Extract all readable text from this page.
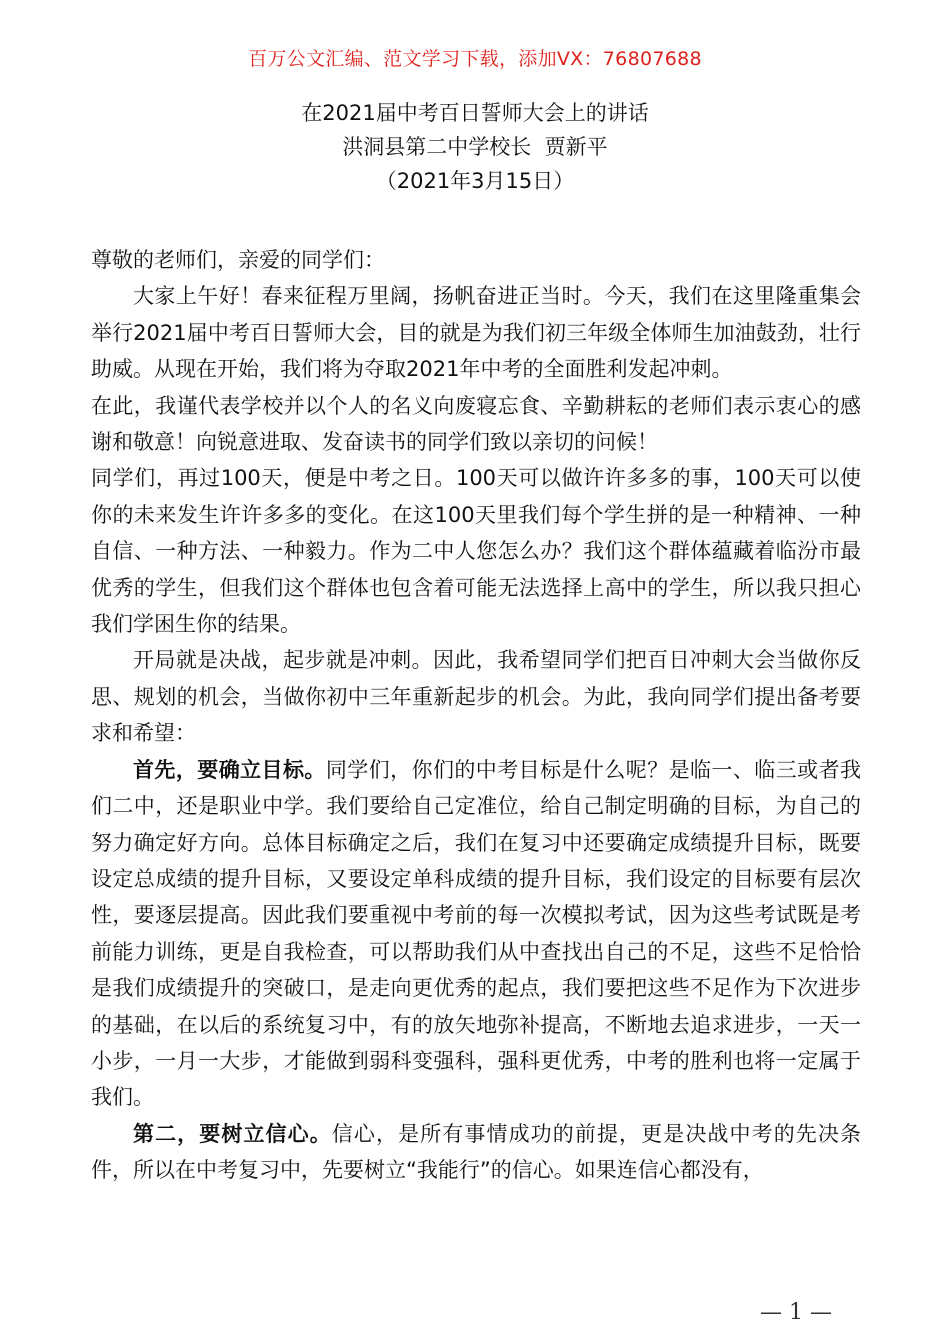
百万公文汇编、范文学习下载，添加VX：76807688
在2021届中考百日誓师大会上的讲话
洪洞县第二中学校长  贾新平
（2021年3月15日）

尊敬的老师们，亲爱的同学们：

大家上午好！春来征程万里阔，扬帆奋进正当时。今天，我们在这里隆重集会举行2021届中考百日誓师大会，目的就是为我们初三年级全体师生加油鼓劲，壮行助威。从现在开始，我们将为夺取2021年中考的全面胜利发起冲刺。

在此，我谨代表学校并以个人的名义向废寝忘食、辛勤耕耘的老师们表示衷心的感谢和敬意！向锐意进取、发奋读书的同学们致以亲切的问候！

同学们，再过100天，便是中考之日。100天可以做许许多多的事，100天可以使你的未来发生许许多多的变化。在这100天里我们每个学生拼的是一种精神、一种自信、一种方法、一种毅力。作为二中人您怎么办？我们这个群体蕴藏着临汾市最优秀的学生，但我们这个群体也包含着可能无法选择上高中的学生，所以我只担心我们学困生你的结果。

开局就是决战，起步就是冲刺。因此，我希望同学们把百日冲刺大会当做你反思、规划的机会，当做你初中三年重新起步的机会。为此，我向同学们提出备考要求和希望：

首先，要确立目标。同学们，你们的中考目标是什么呢？是临一、临三或者我们二中，还是职业中学。我们要给自己定准位，给自己制定明确的目标，为自己的努力确定好方向。总体目标确定之后，我们在复习中还要确定成绩提升目标，既要设定总成绩的提升目标，又要设定单科成绩的提升目标，我们设定的目标要有层次性，要逐层提高。因此我们要重视中考前的每一次模拟考试，因为这些考试既是考前能力训练，更是自我检查，可以帮助我们从中查找出自己的不足，这些不足恰恰是我们成绩提升的突破口，是走向更优秀的起点，我们要把这些不足作为下次进步的基础，在以后的系统复习中，有的放矢地弥补提高，不断地去追求进步，一天一小步，一月一大步，才能做到弱科变强科，强科更优秀，中考的胜利也将一定属于我们。

第二，要树立信心。信心，是所有事情成功的前提，更是决战中考的先决条件，所以在中考复习中，先要树立“我能行”的信心。如果连信心都没有，

— 1 —
